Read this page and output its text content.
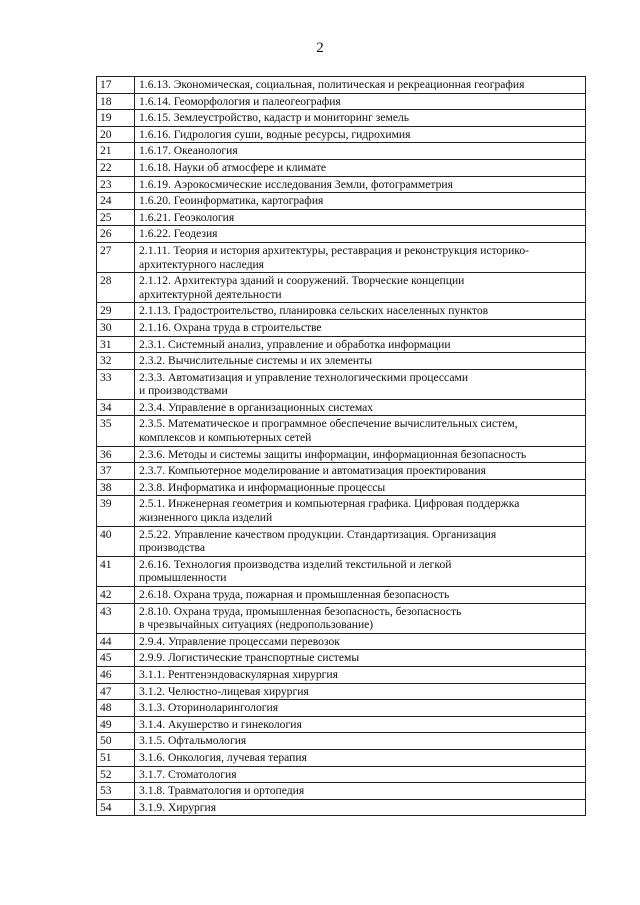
2
17	1.6.13. Экономическая, социальная, политическая и рекреационная география
18	1.6.14. Геоморфология и палеогеография
19	1.6.15. Землеустройство, кадастр и мониторинг земель
20	1.6.16. Гидрология суши, водные ресурсы, гидрохимия
21	1.6.17. Океанология
22	1.6.18. Науки об атмосфере и климате
23	1.6.19. Аэрокосмические исследования Земли, фотограмметрия
24	1.6.20. Геоинформатика, картография
25	1.6.21. Геоэкология
26	1.6.22. Геодезия
27	2.1.11. Теория и история архитектуры, реставрация и реконструкция историко-
архитектурного наследия
28	2.1.12. Архитектура зданий и сооружений. Творческие концепции
архитектурной деятельности
29	2.1.13. Градостроительство, планировка сельских населенных пунктов
30	2.1.16. Охрана труда в строительстве
31	2.3.1. Системный анализ, управление и обработка информации
32	2.3.2. Вычислительные системы и их элементы
33	2.3.3. Автоматизация и управление технологическими процессами
и производствами
34	2.3.4. Управление в организационных системах
35	2.3.5. Математическое и программное обеспечение вычислительных систем,
комплексов и компьютерных сетей
36	2.3.6. Методы и системы защиты информации, информационная безопасность
37	2.3.7. Компьютерное моделирование и автоматизация проектирования
38	2.3.8. Информатика и информационные процессы
39	2.5.1. Инженерная геометрия и компьютерная графика. Цифровая поддержка
жизненного цикла изделий
40	2.5.22. Управление качеством продукции. Стандартизация. Организация
производства
41	2.6.16. Технология производства изделий текстильной и легкой
промышленности
42	2.6.18. Охрана труда, пожарная и промышленная безопасность
43	2.8.10. Охрана труда, промышленная безопасность, безопасность
в чрезвычайных ситуациях (недропользование)
44	2.9.4. Управление процессами перевозок
45	2.9.9. Логистические транспортные системы
46	3.1.1. Рентгенэндоваскулярная хирургия
47	3.1.2. Челюстно-лицевая хирургия
48	3.1.3. Оториноларингология
49	3.1.4. Акушерство и гинекология
50	3.1.5. Офтальмология
51	3.1.6. Онкология, лучевая терапия
52	3.1.7. Стоматология
53	3.1.8. Травматология и ортопедия
54	3.1.9. Хирургия
